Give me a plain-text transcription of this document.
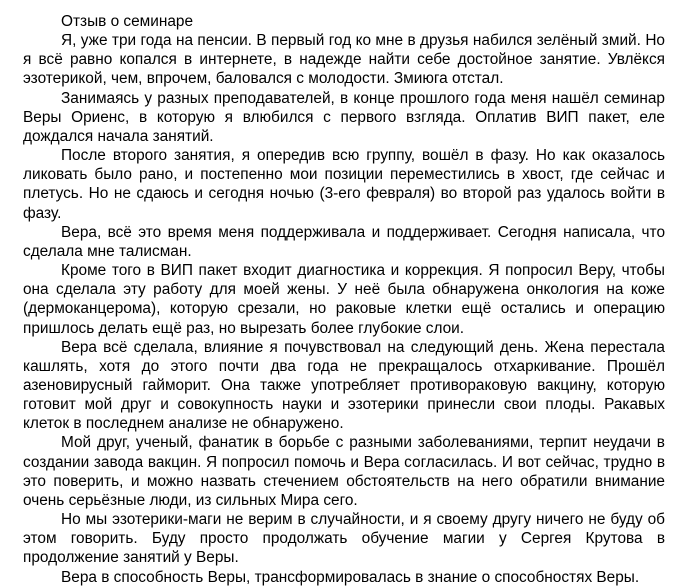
Отзыв о семинаре

Я, уже три года на пенсии. В первый год ко мне в друзья набился зелёный змий. Но я всё равно копался в интернете, в надежде найти себе достойное занятие. Увлёкся эзотерикой, чем, впрочем, баловался с молодости. Змиюга отстал.

Занимаясь у разных преподавателей, в конце прошлого года меня нашёл семинар Веры Ориенс, в которую я влюбился с первого взгляда. Оплатив ВИП пакет, еле дождался начала занятий.

После второго занятия, я опередив всю группу, вошёл в фазу. Но как оказалось ликовать было рано, и постепенно мои позиции переместились в хвост, где сейчас и плетусь. Но не сдаюсь и сегодня ночью (3-его февраля) во второй раз удалось войти в фазу.

Вера, всё это время меня поддерживала и поддерживает. Сегодня написала, что сделала мне талисман.

Кроме того в ВИП пакет входит диагностика и коррекция. Я попросил Веру, чтобы она сделала эту работу для моей жены. У неё была обнаружена онкология на коже (дермоканцерома), которую срезали, но раковые клетки ещё остались и операцию пришлось делать ещё раз, но вырезать более глубокие слои.

Вера всё сделала, влияние я почувствовал на следующий день. Жена перестала кашлять, хотя до этого почти два года не прекращалось отхаркивание. Прошёл азеновирусный гайморит. Она также употребляет противораковую вакцину, которую готовит мой друг и совокупность науки и эзотерики принесли свои плоды. Ракавых клеток в последнем анализе не обнаружено.

Мой друг, ученый, фанатик в борьбе с разными заболеваниями, терпит неудачи в создании завода вакцин. Я попросил помочь и Вера согласилась. И вот сейчас, трудно в это поверить, и можно назвать стечением обстоятельств на него обратили внимание очень серьёзные люди, из сильных Мира сего.

Но мы эзотерики-маги не верим в случайности, и я своему другу ничего не буду об этом говорить. Буду просто продолжать обучение магии у Сергея Крутова в продолжение занятий у Веры.

Вера в способность Веры, трансформировалась в знание о способностях Веры.
